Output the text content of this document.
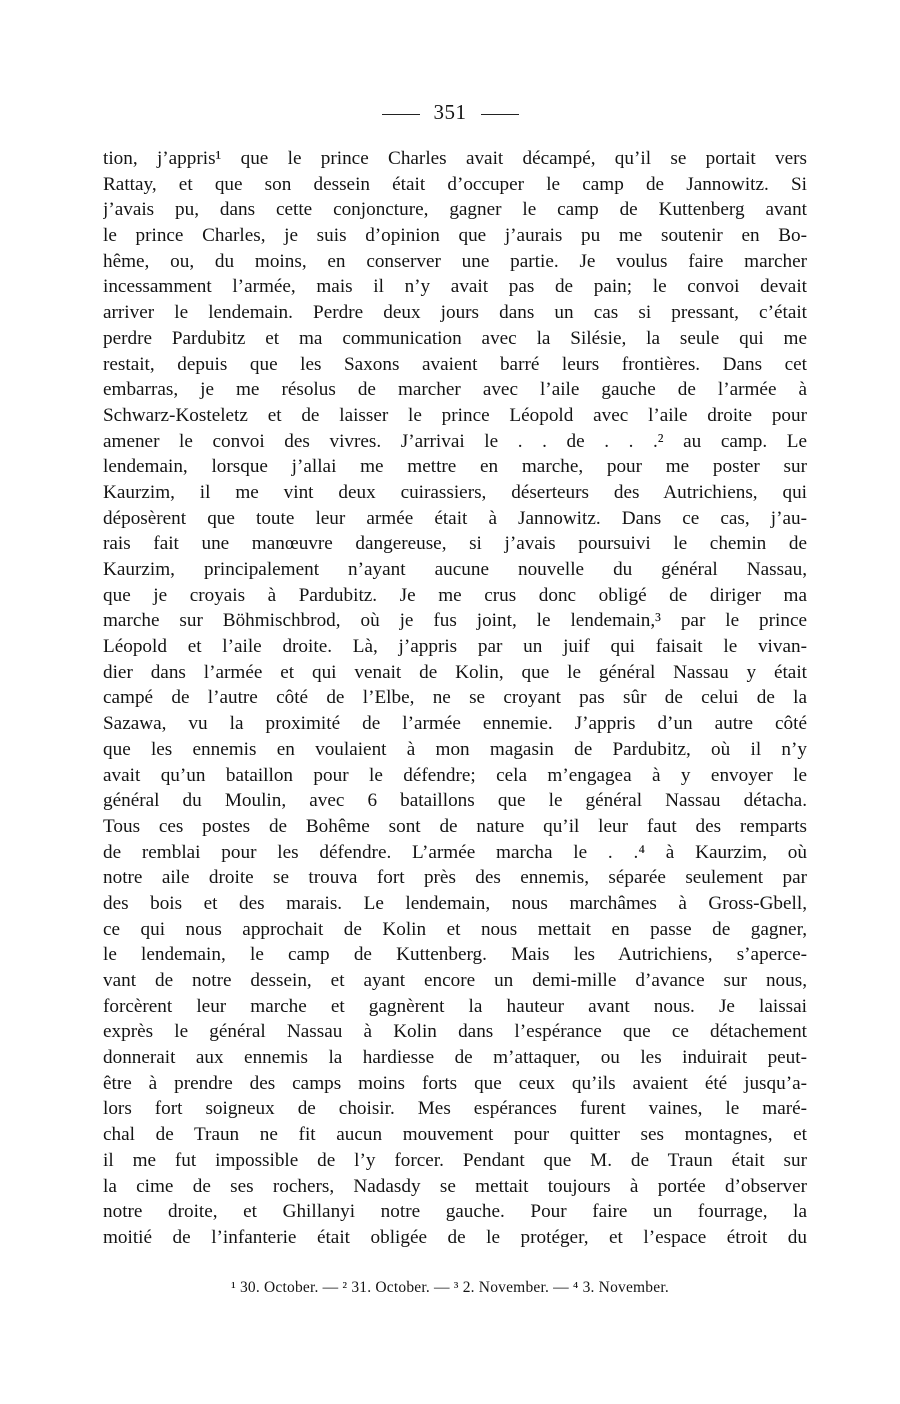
351
tion, j’appris¹ que le prince Charles avait décampé, qu’il se portait vers
Rattay, et que son dessein était d’occuper le camp de Jannowitz. Si
j’avais pu, dans cette conjoncture, gagner le camp de Kuttenberg avant
le prince Charles, je suis d’opinion que j’aurais pu me soutenir en Bo-
hême, ou, du moins, en conserver une partie. Je voulus faire marcher
incessamment l’armée, mais il n’y avait pas de pain; le convoi devait
arriver le lendemain. Perdre deux jours dans un cas si pressant, c’était
perdre Pardubitz et ma communication avec la Silésie, la seule qui me
restait, depuis que les Saxons avaient barré leurs frontières. Dans cet
embarras, je me résolus de marcher avec l’aile gauche de l’armée à
Schwarz-Kosteletz et de laisser le prince Léopold avec l’aile droite pour
amener le convoi des vivres. J’arrivai le . . de . . .² au camp. Le
lendemain, lorsque j’allai me mettre en marche, pour me poster sur
Kaurzim, il me vint deux cuirassiers, déserteurs des Autrichiens, qui
déposèrent que toute leur armée était à Jannowitz. Dans ce cas, j’au-
rais fait une manœuvre dangereuse, si j’avais poursuivi le chemin de
Kaurzim, principalement n’ayant aucune nouvelle du général Nassau,
que je croyais à Pardubitz. Je me crus donc obligé de diriger ma
marche sur Böhmischbrod, où je fus joint, le lendemain,³ par le prince
Léopold et l’aile droite. Là, j’appris par un juif qui faisait le vivan-
dier dans l’armée et qui venait de Kolin, que le général Nassau y était
campé de l’autre côté de l’Elbe, ne se croyant pas sûr de celui de la
Sazawa, vu la proximité de l’armée ennemie. J’appris d’un autre côté
que les ennemis en voulaient à mon magasin de Pardubitz, où il n’y
avait qu’un bataillon pour le défendre; cela m’engagea à y envoyer le
général du Moulin, avec 6 bataillons que le général Nassau détacha.
Tous ces postes de Bohême sont de nature qu’il leur faut des remparts
de remblai pour les défendre. L’armée marcha le . .⁴ à Kaurzim, où
notre aile droite se trouva fort près des ennemis, séparée seulement par
des bois et des marais. Le lendemain, nous marchâmes à Gross-Gbell,
ce qui nous approchait de Kolin et nous mettait en passe de gagner,
le lendemain, le camp de Kuttenberg. Mais les Autrichiens, s’aperce-
vant de notre dessein, et ayant encore un demi-mille d’avance sur nous,
forcèrent leur marche et gagnèrent la hauteur avant nous. Je laissai
exprès le général Nassau à Kolin dans l’espérance que ce détachement
donnerait aux ennemis la hardiesse de m’attaquer, ou les induirait peut-
être à prendre des camps moins forts que ceux qu’ils avaient été jusqu’a-
lors fort soigneux de choisir. Mes espérances furent vaines, le maré-
chal de Traun ne fit aucun mouvement pour quitter ses montagnes, et
il me fut impossible de l’y forcer. Pendant que M. de Traun était sur
la cime de ses rochers, Nadasdy se mettait toujours à portée d’observer
notre droite, et Ghillanyi notre gauche. Pour faire un fourrage, la
moitié de l’infanterie était obligée de le protéger, et l’espace étroit du
¹ 30. October. — ² 31. October. — ³ 2. November. — ⁴ 3. November.
